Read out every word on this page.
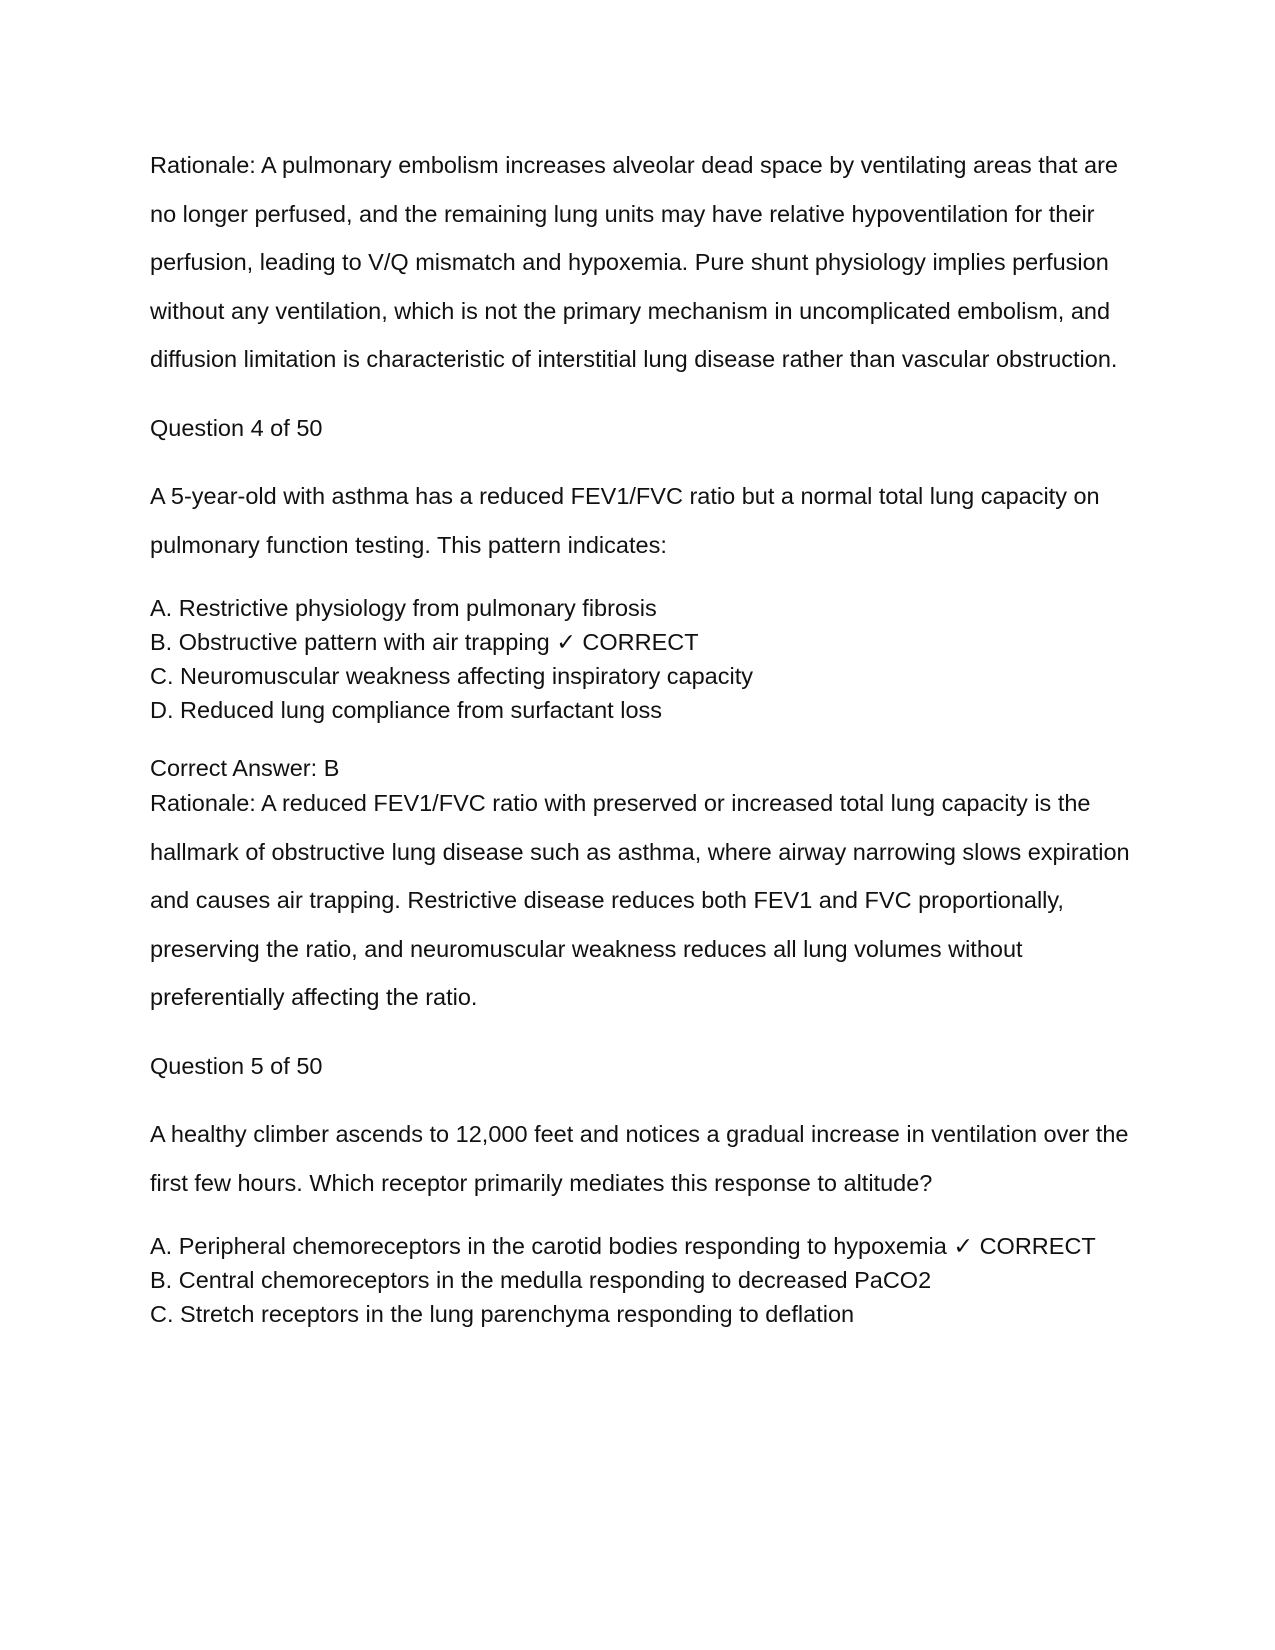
Rationale: A pulmonary embolism increases alveolar dead space by ventilating areas that are no longer perfused, and the remaining lung units may have relative hypoventilation for their perfusion, leading to V/Q mismatch and hypoxemia. Pure shunt physiology implies perfusion without any ventilation, which is not the primary mechanism in uncomplicated embolism, and diffusion limitation is characteristic of interstitial lung disease rather than vascular obstruction.

Question 4 of 50

A 5-year-old with asthma has a reduced FEV1/FVC ratio but a normal total lung capacity on pulmonary function testing. This pattern indicates:

A. Restrictive physiology from pulmonary fibrosis

B. Obstructive pattern with air trapping ✓ CORRECT

C. Neuromuscular weakness affecting inspiratory capacity

D. Reduced lung compliance from surfactant loss

Correct Answer: B

Rationale: A reduced FEV1/FVC ratio with preserved or increased total lung capacity is the hallmark of obstructive lung disease such as asthma, where airway narrowing slows expiration and causes air trapping. Restrictive disease reduces both FEV1 and FVC proportionally, preserving the ratio, and neuromuscular weakness reduces all lung volumes without preferentially affecting the ratio.

Question 5 of 50

A healthy climber ascends to 12,000 feet and notices a gradual increase in ventilation over the first few hours. Which receptor primarily mediates this response to altitude?

A. Peripheral chemoreceptors in the carotid bodies responding to hypoxemia ✓ CORRECT

B. Central chemoreceptors in the medulla responding to decreased PaCO2

C. Stretch receptors in the lung parenchyma responding to deflation
